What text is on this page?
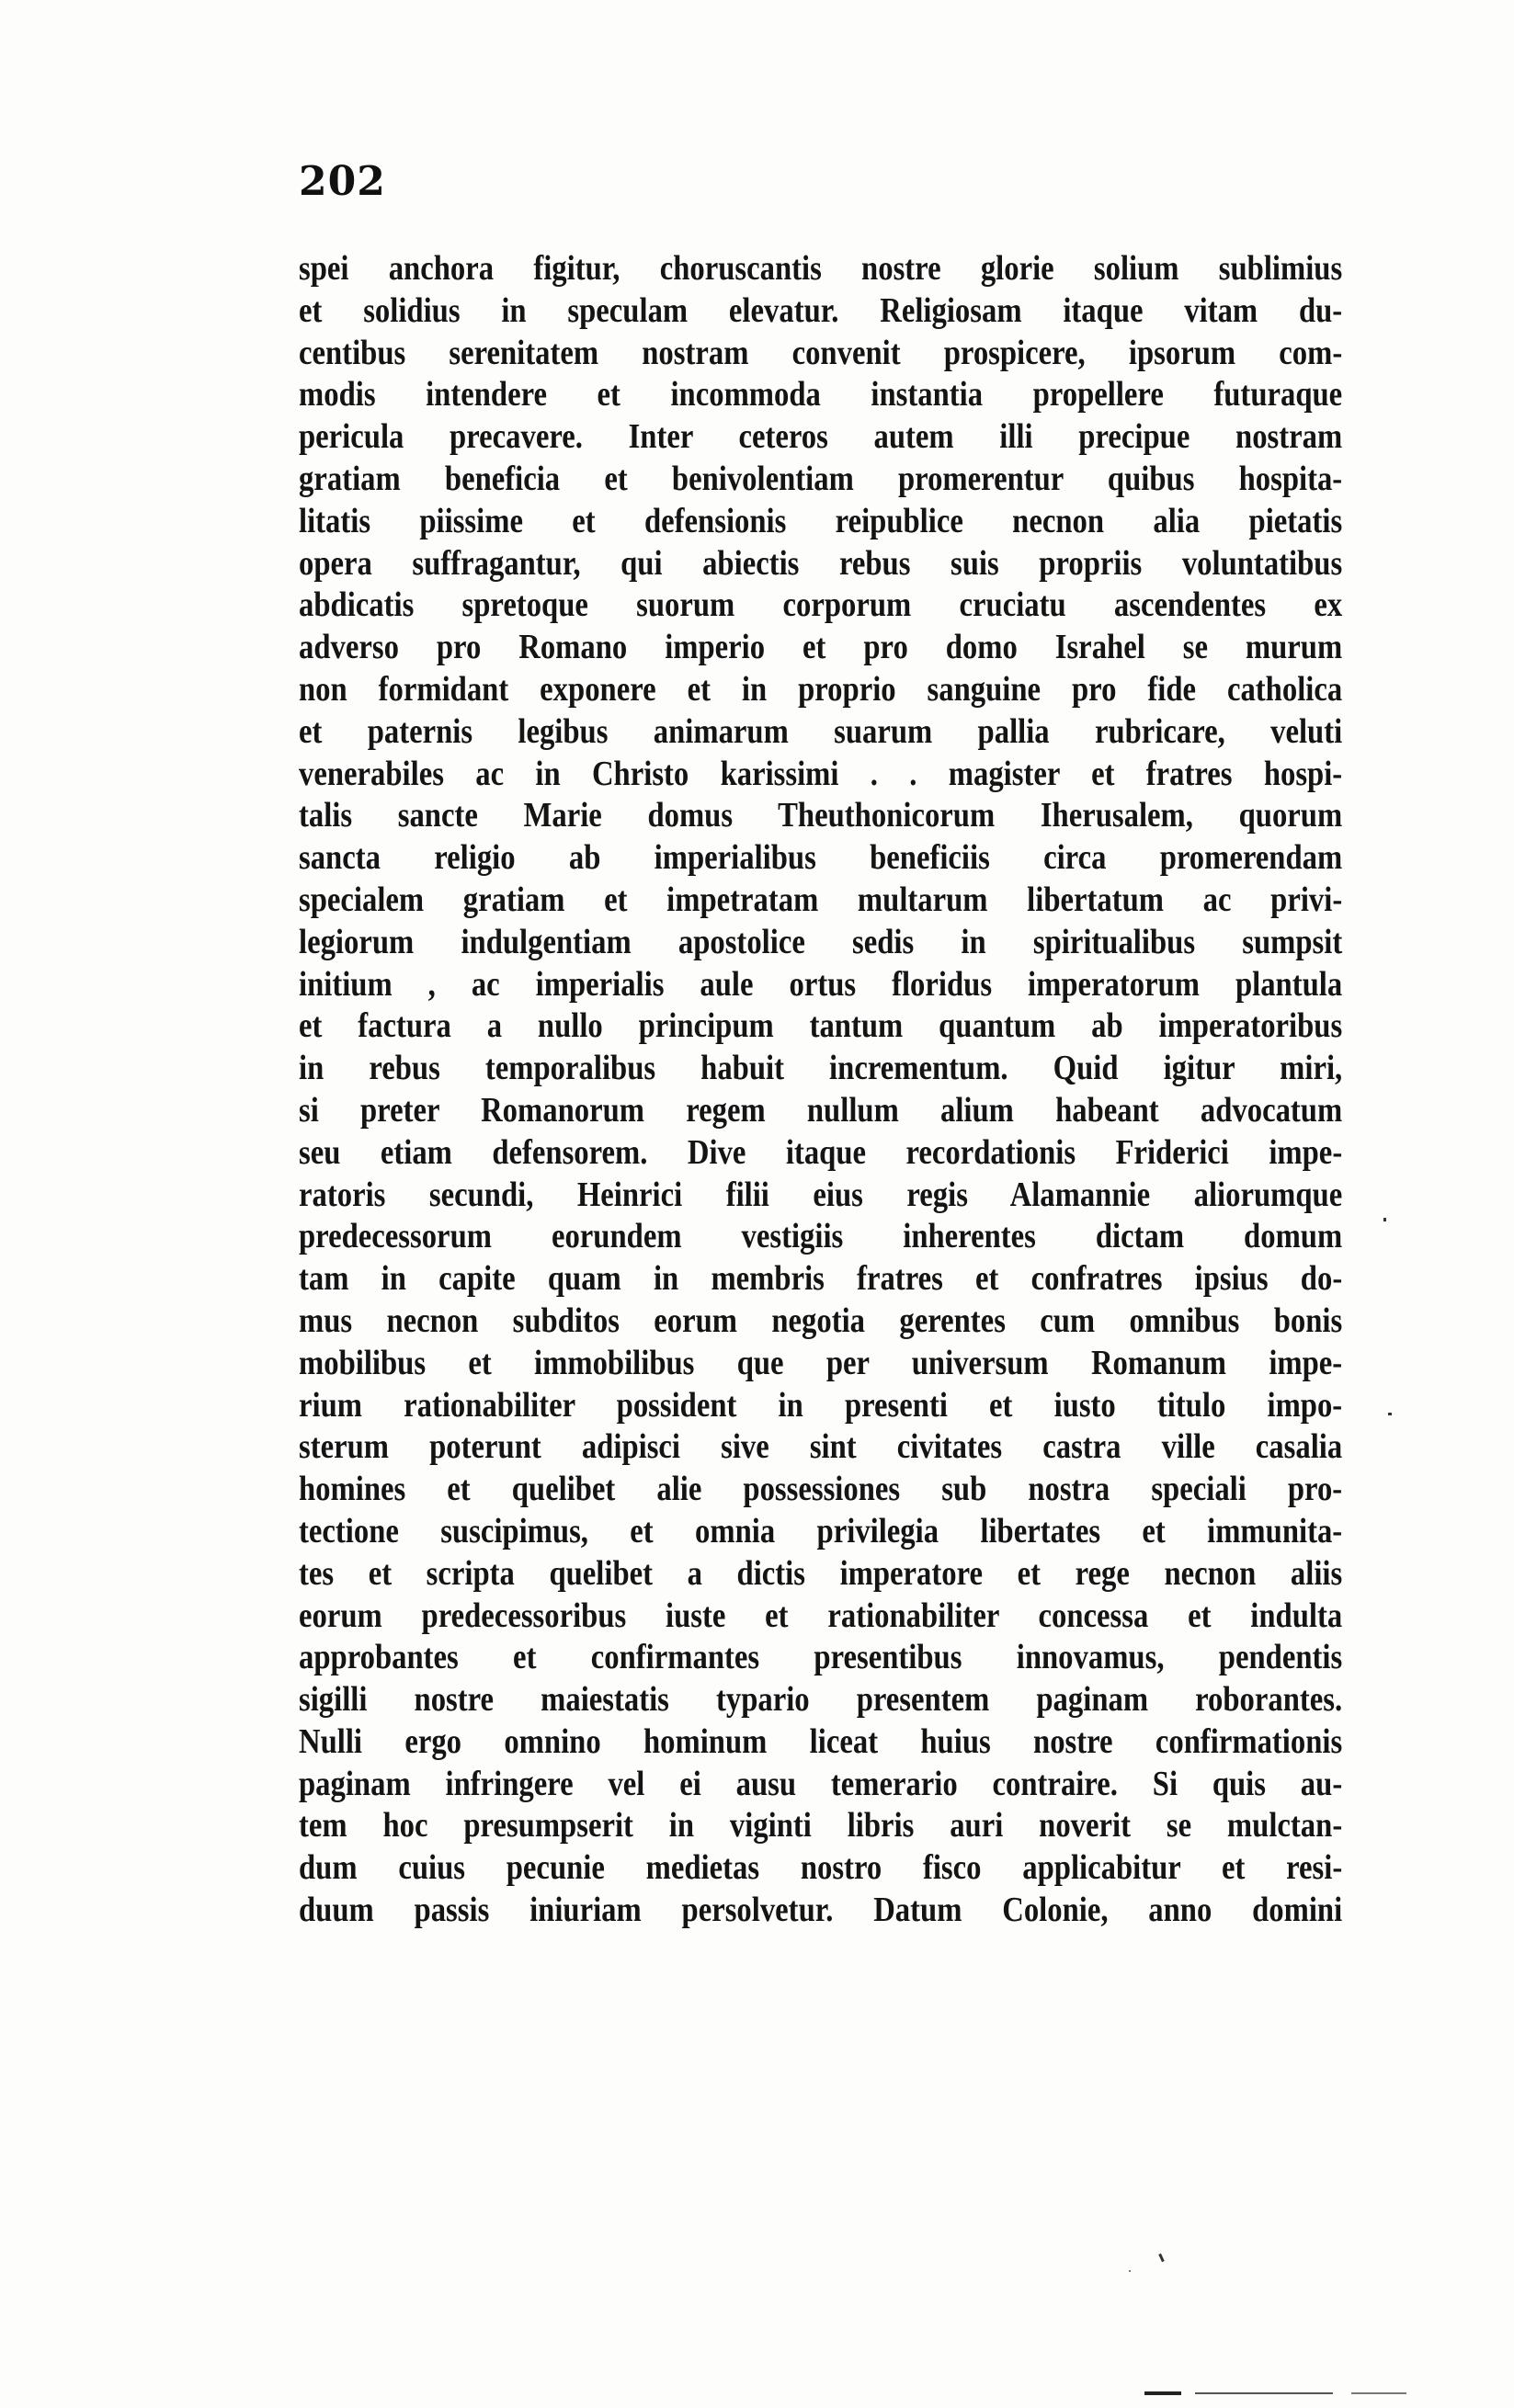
202
spei anchora figitur, choruscantis nostre glorie solium sublimius
et solidius in speculam elevatur. Religiosam itaque vitam du-
centibus serenitatem nostram convenit prospicere, ipsorum com-
modis intendere et incommoda instantia propellere futuraque
pericula precavere. Inter ceteros autem illi precipue nostram
gratiam beneficia et benivolentiam promerentur quibus hospita-
litatis piissime et defensionis reipublice necnon alia pietatis
opera suffragantur, qui abiectis rebus suis propriis voluntatibus
abdicatis spretoque suorum corporum cruciatu ascendentes ex
adverso pro Romano imperio et pro domo Israhel se murum
non formidant exponere et in proprio sanguine pro fide catholica
et paternis legibus animarum suarum pallia rubricare, veluti
venerabiles ac in Christo karissimi . . magister et fratres hospi-
talis sancte Marie domus Theuthonicorum Iherusalem, quorum
sancta religio ab imperialibus beneficiis circa promerendam
specialem gratiam et impetratam multarum libertatum ac privi-
legiorum indulgentiam apostolice sedis in spiritualibus sumpsit
initium , ac imperialis aule ortus floridus imperatorum plantula
et factura a nullo principum tantum quantum ab imperatoribus
in rebus temporalibus habuit incrementum. Quid igitur miri,
si preter Romanorum regem nullum alium habeant advocatum
seu etiam defensorem. Dive itaque recordationis Friderici impe-
ratoris secundi, Heinrici filii eius regis Alamannie aliorumque
predecessorum eorundem vestigiis inherentes dictam domum
tam in capite quam in membris fratres et confratres ipsius do-
mus necnon subditos eorum negotia gerentes cum omnibus bonis
mobilibus et immobilibus que per universum Romanum impe-
rium rationabiliter possident in presenti et iusto titulo impo-
sterum poterunt adipisci sive sint civitates castra ville casalia
homines et quelibet alie possessiones sub nostra speciali pro-
tectione suscipimus, et omnia privilegia libertates et immunita-
tes et scripta quelibet a dictis imperatore et rege necnon aliis
eorum predecessoribus iuste et rationabiliter concessa et indulta
approbantes et confirmantes presentibus innovamus, pendentis
sigilli nostre maiestatis typario presentem paginam roborantes.
Nulli ergo omnino hominum liceat huius nostre confirmationis
paginam infringere vel ei ausu temerario contraire. Si quis au-
tem hoc presumpserit in viginti libris auri noverit se mulctan-
dum cuius pecunie medietas nostro fisco applicabitur et resi-
duum passis iniuriam persolvetur. Datum Colonie, anno domini
